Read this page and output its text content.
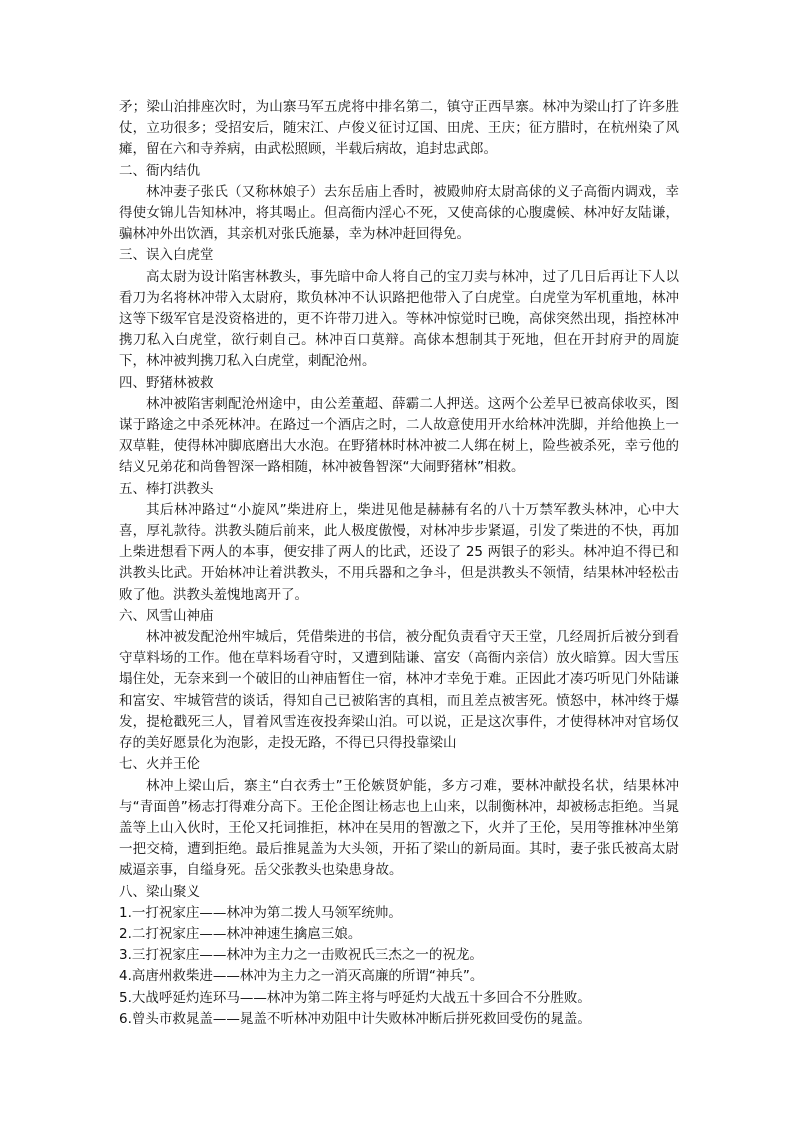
矛；梁山泊排座次时，为山寨马军五虎将中排名第二，镇守正西旱寨。林冲为梁山打了许多胜仗，立功很多；受招安后，随宋江、卢俊义征讨辽国、田虎、王庆；征方腊时，在杭州染了风瘫，留在六和寺养病，由武松照顾，半载后病故，追封忠武郎。

二、衙内结仇

林冲妻子张氏（又称林娘子）去东岳庙上香时，被殿帅府太尉高俅的义子高衙内调戏，幸得使女锦儿告知林冲，将其喝止。但高衙内淫心不死，又使高俅的心腹虞候、林冲好友陆谦，骗林冲外出饮酒，其亲机对张氏施暴，幸为林冲赶回得免。

三、误入白虎堂

高太尉为设计陷害林教头，事先暗中命人将自己的宝刀卖与林冲，过了几日后再让下人以看刀为名将林冲带入太尉府，欺负林冲不认识路把他带入了白虎堂。白虎堂为军机重地，林冲这等下级军官是没资格进的，更不许带刀进入。等林冲惊觉时已晚，高俅突然出现，指控林冲携刀私入白虎堂，欲行刺自己。林冲百口莫辩。高俅本想制其于死地，但在开封府尹的周旋下，林冲被判携刀私入白虎堂，刺配沧州。

四、野猪林被救

林冲被陷害刺配沧州途中，由公差董超、薛霸二人押送。这两个公差早已被高俅收买，图谋于路途之中杀死林冲。在路过一个酒店之时，二人故意使用开水给林冲洗脚，并给他换上一双草鞋，使得林冲脚底磨出大水泡。在野猪林时林冲被二人绑在树上，险些被杀死，幸亏他的结义兄弟花和尚鲁智深一路相随，林冲被鲁智深“大闹野猪林”相救。

五、棒打洪教头

其后林冲路过“小旋风”柴进府上，柴进见他是赫赫有名的八十万禁军教头林冲，心中大喜，厚礼款待。洪教头随后前来，此人极度傲慢，对林冲步步紧逼，引发了柴进的不快，再加上柴进想看下两人的本事，便安排了两人的比武，还设了 25 两银子的彩头。林冲迫不得已和洪教头比武。开始林冲让着洪教头，不用兵器和之争斗，但是洪教头不领情，结果林冲轻松击败了他。洪教头羞愧地离开了。

六、风雪山神庙

林冲被发配沧州牢城后，凭借柴进的书信，被分配负责看守天王堂，几经周折后被分到看守草料场的工作。他在草料场看守时，又遭到陆谦、富安（高衙内亲信）放火暗算。因大雪压塌住处，无奈来到一个破旧的山神庙暂住一宿，林冲才幸免于难。正因此才凑巧听见门外陆谦和富安、牢城管营的谈话，得知自己已被陷害的真相，而且差点被害死。愤怒中，林冲终于爆发，提枪戳死三人，冒着风雪连夜投奔梁山泊。可以说，正是这次事件，才使得林冲对官场仅存的美好愿景化为泡影，走投无路，不得已只得投靠梁山

七、火并王伦

林冲上梁山后，寨主“白衣秀士”王伦嫉贤妒能，多方刁难，要林冲献投名状，结果林冲与“青面兽”杨志打得难分高下。王伦企图让杨志也上山来，以制衡林冲，却被杨志拒绝。当晁盖等上山入伙时，王伦又托词推拒，林冲在吴用的智激之下，火并了王伦，吴用等推林冲坐第一把交椅，遭到拒绝。最后推晁盖为大头领，开拓了梁山的新局面。其时，妻子张氏被高太尉威逼亲事，自缢身死。岳父张教头也染患身故。

八、梁山聚义

1.一打祝家庄——林冲为第二拨人马领军统帅。

2.二打祝家庄——林冲神速生擒扈三娘。

3.三打祝家庄——林冲为主力之一击败祝氏三杰之一的祝龙。

4.高唐州救柴进——林冲为主力之一消灭高廉的所谓“神兵”。

5.大战呼延灼连环马——林冲为第二阵主将与呼延灼大战五十多回合不分胜败。

6.曾头市救晁盖——晁盖不听林冲劝阻中计失败林冲断后拼死救回受伤的晁盖。
